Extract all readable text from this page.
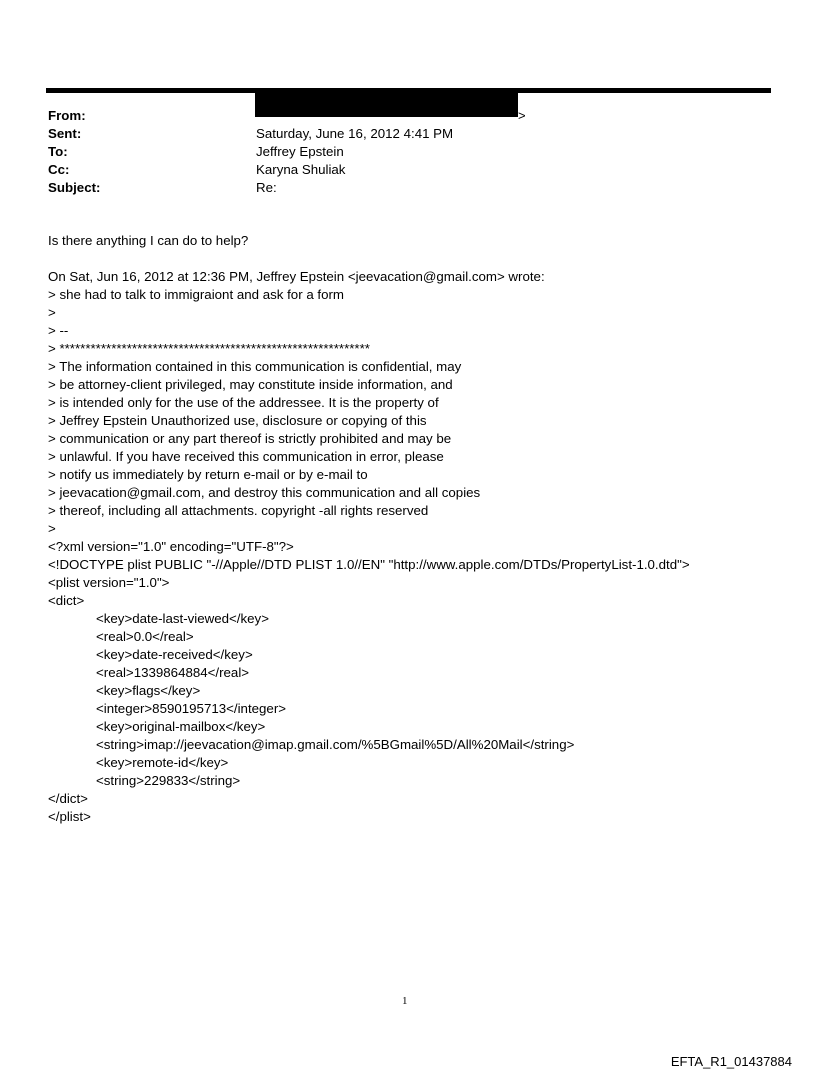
>
From:
Sent:	Saturday, June 16, 2012 4:41 PM
To:	Jeffrey Epstein
Cc:	Karyna Shuliak
Subject:	Re:
Is there anything I can do to help?
On Sat, Jun 16, 2012 at 12:36 PM, Jeffrey Epstein <jeevacation@gmail.com> wrote:
> she had to talk to immigraiont and ask for a form
>
> --
> ************************************************************
> The information contained in this communication is confidential, may
> be attorney-client privileged, may constitute inside information, and
> is intended only for the use of the addressee. It is the property of
> Jeffrey Epstein Unauthorized use, disclosure or copying of this
> communication or any part thereof is strictly prohibited and may be
> unlawful. If you have received this communication in error, please
> notify us immediately by return e-mail or by e-mail to
> jeevacation@gmail.com, and destroy this communication and all copies
> thereof, including all attachments. copyright -all rights reserved
>
<?xml version="1.0" encoding="UTF-8"?>
<!DOCTYPE plist PUBLIC "-//Apple//DTD PLIST 1.0//EN" "http://www.apple.com/DTDs/PropertyList-1.0.dtd">
<plist version="1.0">
<dict>
<key>date-last-viewed</key>
<real>0.0</real>
<key>date-received</key>
<real>1339864884</real>
<key>flags</key>
<integer>8590195713</integer>
<key>original-mailbox</key>
<string>imap://jeevacation@imap.gmail.com/%5BGmail%5D/All%20Mail</string>
<key>remote-id</key>
<string>229833</string>
</dict>
</plist>
1
EFTA_R1_01437884
